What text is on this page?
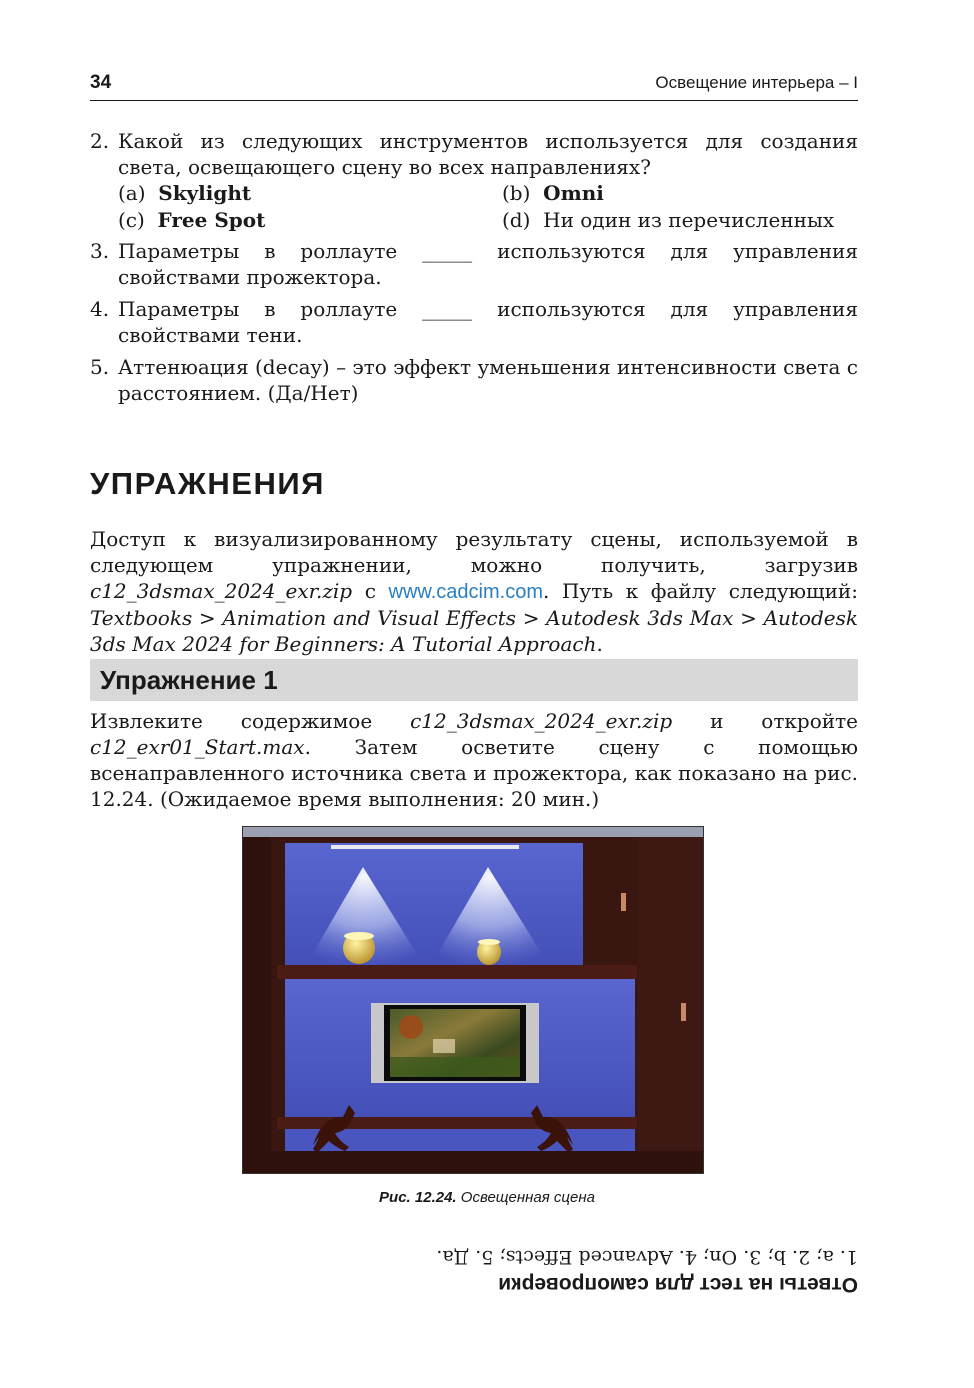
34	Освещение интерьера – I
2. Какой из следующих инструментов используется для создания света, освещающего сцену во всех направлениях?
(a) Skylight	(b) Omni
(c) Free Spot	(d) Ни один из перечисленных
3. Параметры в роллауте _____ используются для управления свойствами прожектора.
4. Параметры в роллауте _____ используются для управления свойствами тени.
5. Аттенюация (decay) – это эффект уменьшения интенсивности света с расстоянием. (Да/Нет)
УПРАЖНЕНИЯ
Доступ к визуализированному результату сцены, используемой в следующем упражнении, можно получить, загрузив c12_3dsmax_2024_exr.zip с www.cadcim.com. Путь к файлу следующий: Textbooks > Animation and Visual Effects > Autodesk 3ds Max > Autodesk 3ds Max 2024 for Beginners: A Tutorial Approach.
Упражнение 1
Извлеките содержимое c12_3dsmax_2024_exr.zip и откройте c12_exr01_Start.max. Затем осветите сцену с помощью всенаправленного источника света и прожектора, как показано на рис. 12.24. (Ожидаемое время выполнения: 20 мин.)
Рис. 12.24. Освещенная сцена
Ответы на тест для самопроверки
1. a; 2. b; 3. On; 4. Advanced Effects; 5. Да.
